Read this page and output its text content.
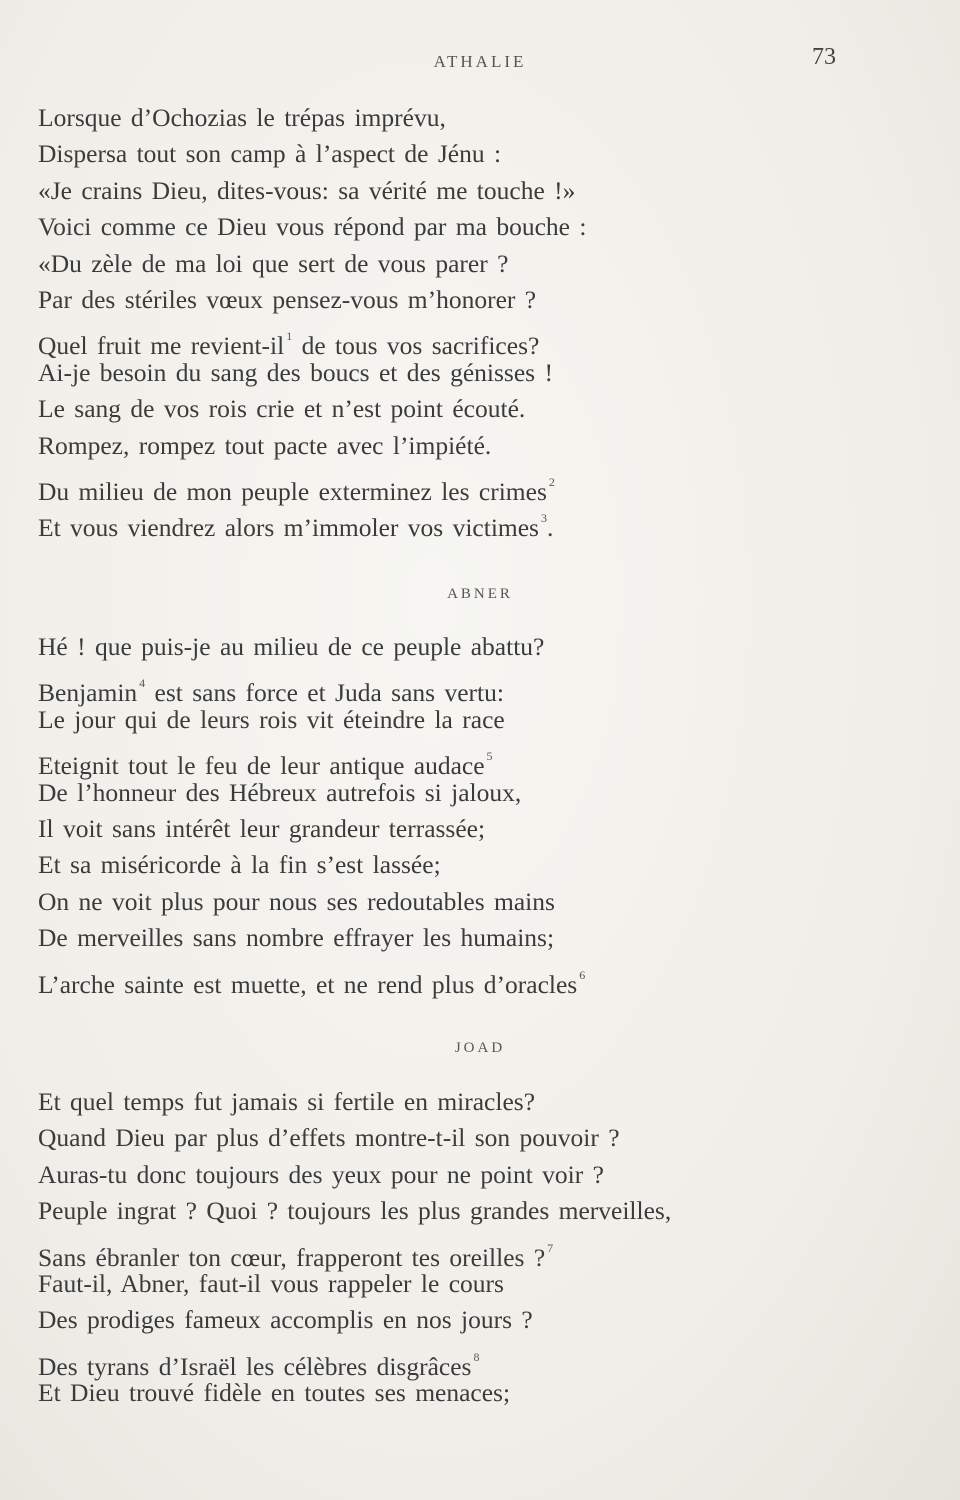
ATHALIE	73
Lorsque d’Ochozias le trépas imprévu,
Dispersa tout son camp à l’aspect de Jénu :
«Je crains Dieu, dites-vous: sa vérité me touche !»
Voici comme ce Dieu vous répond par ma bouche :
«Du zèle de ma loi que sert de vous parer ?
Par des stériles vœux pensez-vous m’honorer ?
Quel fruit me revient-il $^1$ de tous vos sacrifices?
Ai-je besoin du sang des boucs et des génisses !
Le sang de vos rois crie et n’est point écouté.
Rompez, rompez tout pacte avec l’impiété.
Du milieu de mon peuple exterminez les crimes $^2$
Et vous viendrez alors m’immoler vos victimes $^3$.
ABNER
Hé ! que puis-je au milieu de ce peuple abattu?
Benjamin $^4$ est sans force et Juda sans vertu:
Le jour qui de leurs rois vit éteindre la race
Eteignit tout le feu de leur antique audace $^5$
De l’honneur des Hébreux autrefois si jaloux,
Il voit sans intérêt leur grandeur terrassée;
Et sa miséricorde à la fin s’est lassée;
On ne voit plus pour nous ses redoutables mains
De merveilles sans nombre effrayer les humains;
L’arche sainte est muette, et ne rend plus d’oracles $^6$
JOAD
Et quel temps fut jamais si fertile en miracles?
Quand Dieu par plus d’effets montre-t-il son pouvoir ?
Auras-tu donc toujours des yeux pour ne point voir ?
Peuple ingrat ? Quoi ? toujours les plus grandes merveilles,
Sans ébranler ton cœur, frapperont tes oreilles ? $^7$
Faut-il, Abner, faut-il vous rappeler le cours
Des prodiges fameux accomplis en nos jours ?
Des tyrans d’Israël les célèbres disgrâces $^8$
Et Dieu trouvé fidèle en toutes ses menaces;
